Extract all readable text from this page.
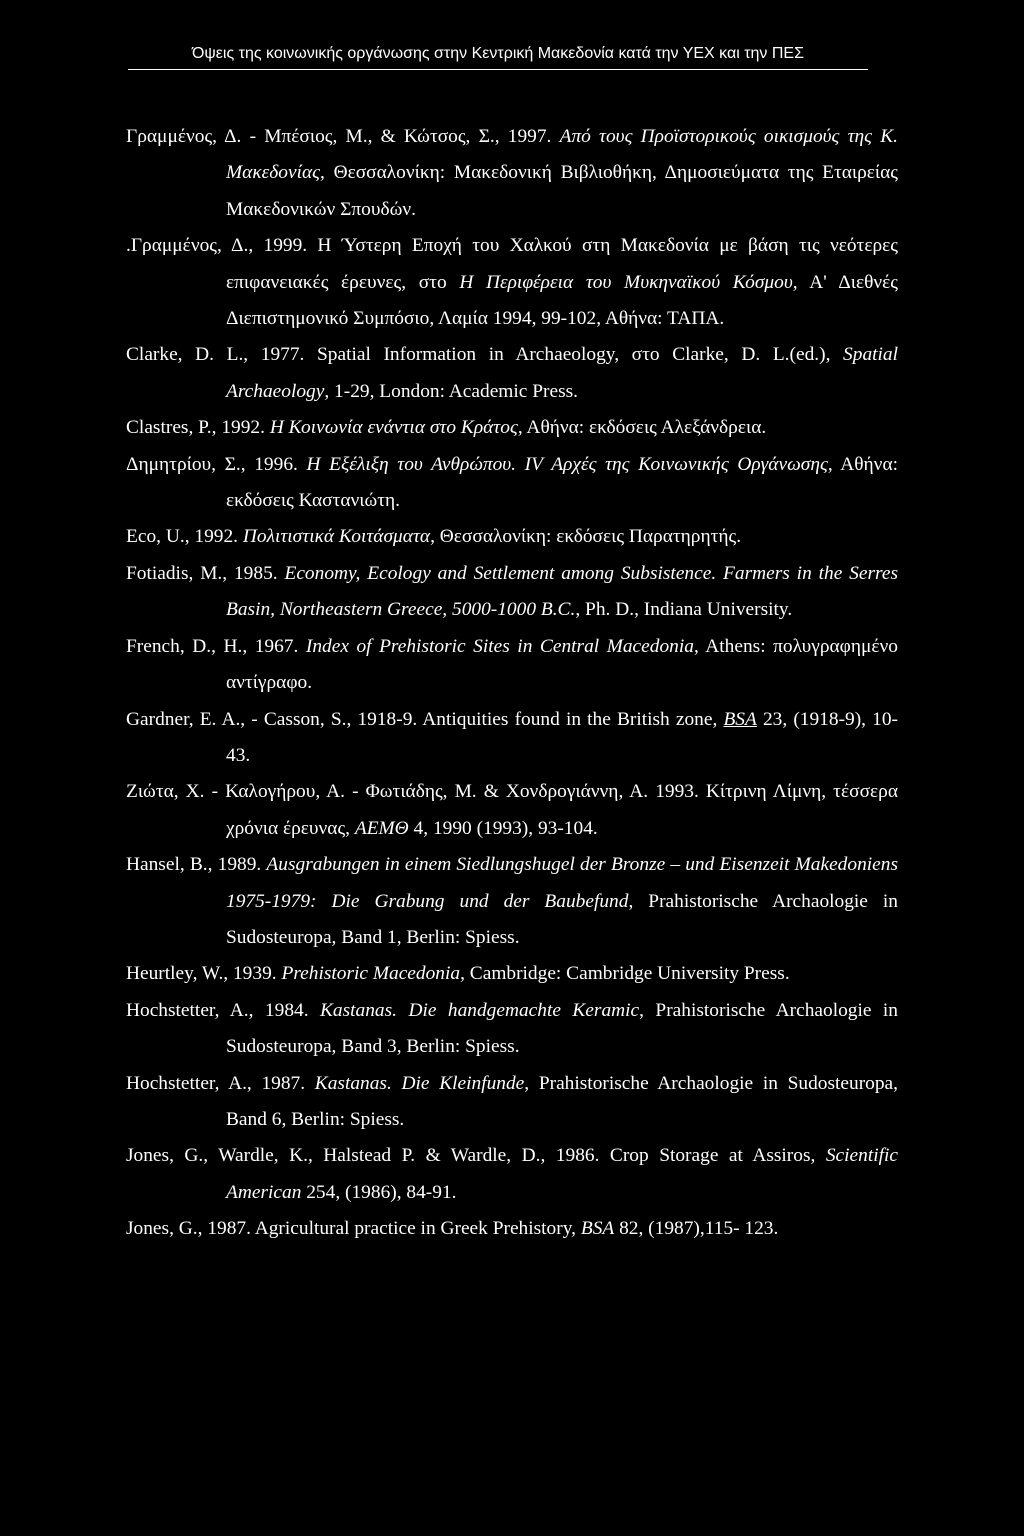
Όψεις της κοινωνικής οργάνωσης στην Κεντρική Μακεδονία κατά την ΥΕΧ και την ΠΕΣ
Γραμμένος, Δ. - Μπέσιος, Μ., & Κώτσος, Σ., 1997. Από τους Προϊστορικούς οικισμούς της Κ. Μακεδονίας, Θεσσαλονίκη: Μακεδονική Βιβλιοθήκη, Δημοσιεύματα της Εταιρείας Μακεδονικών Σπουδών.
.Γραμμένος, Δ., 1999. Η Ύστερη Εποχή του Χαλκού στη Μακεδονία με βάση τις νεότερες επιφανειακές έρευνες, στο Η Περιφέρεια του Μυκηναϊκού Κόσμου, Α' Διεθνές Διεπιστημονικό Συμπόσιο, Λαμία 1994, 99-102, Αθήνα: ΤΑΠΑ.
Clarke, D. L., 1977. Spatial Information in Archaeology, στο Clarke, D. L.(ed.), Spatial Archaeology, 1-29, London: Academic Press.
Clastres, P., 1992. Η Κοινωνία ενάντια στο Κράτος, Αθήνα: εκδόσεις Αλεξάνδρεια.
Δημητρίου, Σ., 1996. Η Εξέλιξη του Ανθρώπου. IV Αρχές της Κοινωνικής Οργάνωσης, Αθήνα: εκδόσεις Καστανιώτη.
Eco, U., 1992. Πολιτιστικά Κοιτάσματα, Θεσσαλονίκη: εκδόσεις Παρατηρητής.
Fotiadis, M., 1985. Economy, Ecology and Settlement among Subsistence. Farmers in the Serres Basin, Northeastern Greece, 5000-1000 B.C., Ph. D., Indiana University.
French, D., H., 1967. Index of Prehistoric Sites in Central Macedonia, Athens: πολυγραφημένο αντίγραφο.
Gardner, E. A., - Casson, S., 1918-9. Antiquities found in the British zone, BSA 23, (1918-9), 10-43.
Ζιώτα, Χ. - Καλογήρου, Α. - Φωτιάδης, Μ. & Χονδρογιάννη, Α. 1993. Κίτρινη Λίμνη, τέσσερα χρόνια έρευνας, ΑΕΜΘ 4, 1990 (1993), 93-104.
Hansel, B., 1989. Ausgrabungen in einem Siedlungshugel der Bronze – und Eisenzeit Makedoniens 1975-1979: Die Grabung und der Baubefund, Prahistorische Archaologie in Sudosteuropa, Band 1, Berlin: Spiess.
Heurtley, W., 1939. Prehistoric Macedonia, Cambridge: Cambridge University Press.
Hochstetter, A., 1984. Kastanas. Die handgemachte Keramic, Prahistorische Archaologie in Sudosteuropa, Band 3, Berlin: Spiess.
Hochstetter, A., 1987. Kastanas. Die Kleinfunde, Prahistorische Archaologie in Sudosteuropa, Band 6, Berlin: Spiess.
Jones, G., Wardle, K., Halstead P. & Wardle, D., 1986. Crop Storage at Assiros, Scientific American 254, (1986), 84-91.
Jones, G., 1987. Agricultural practice in Greek Prehistory, BSA 82, (1987),115- 123.
